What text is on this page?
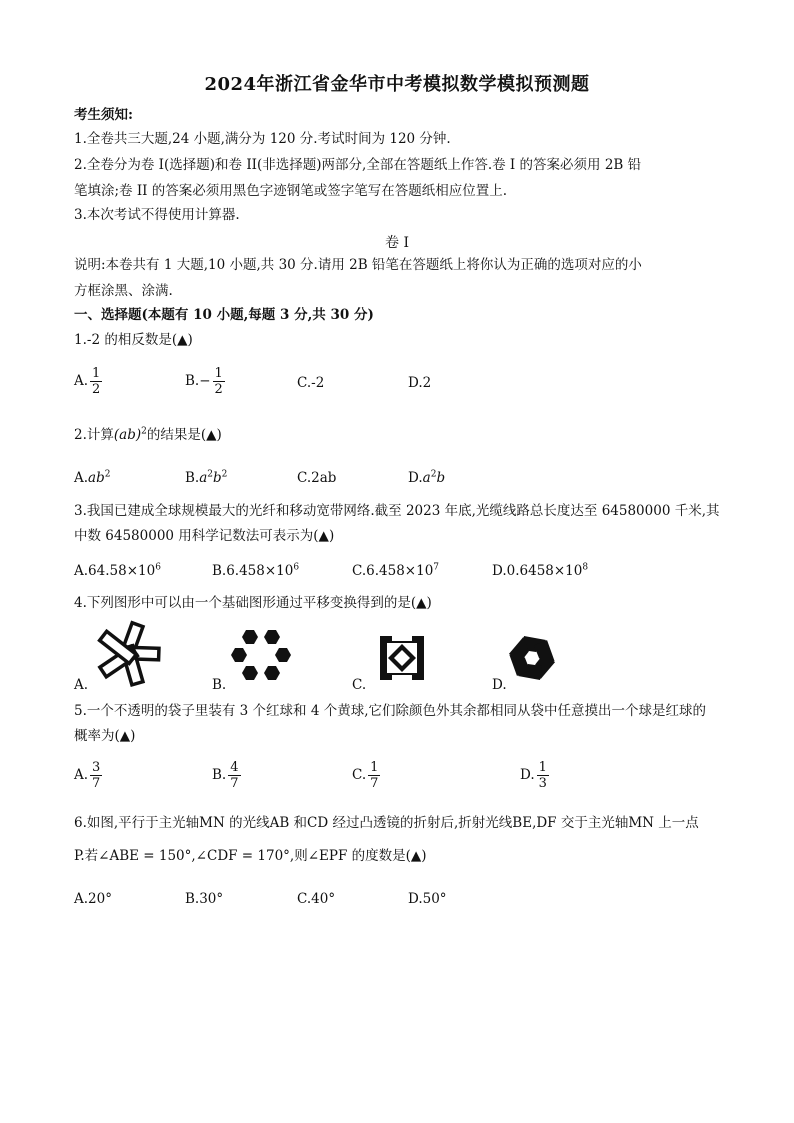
2024年浙江省金华市中考模拟数学模拟预测题
考生须知:
1.全卷共三大题,24 小题,满分为 120 分.考试时间为 120 分钟.
2.全卷分为卷 I(选择题)和卷 II(非选择题)两部分,全部在答题纸上作答.卷 I 的答案必须用 2B 铅
笔填涂;卷 II 的答案必须用黑色字迹钢笔或签字笔写在答题纸相应位置上.
3.本次考试不得使用计算器.
卷 I
说明:本卷共有 1 大题,10 小题,共 30 分.请用 2B 铅笔在答题纸上将你认为正确的选项对应的小
方框涂黑、涂满.
一、选择题(本题有 10 小题,每题 3 分,共 30 分)
1.-2 的相反数是(▲)
A. $\frac{1}{2}$	$B.- \frac{1}{2}$	C.-2	D.2
2.计算(ab)$^2$的结果是(▲)
$A.ab^2$	$B.a^2b^2$	C.2ab	$D.a^2b$
3.我国已建成全球规模最大的光纤和移动宽带网络.截至 2023 年底,光缆线路总长度达至 64580000 千米,其
中数 64580000 用科学记数法可表示为(▲)
$A.64.58\times 10^6$	$B.6.458\times 10^6$	$C.6.458\times 10^7$	$D.0.6458\times 10^8$
4.下列图形中可以由一个基础图形通过平移变换得到的是(▲)
A.	B.	C.	D.
5.一个不透明的袋子里装有 3 个红球和 4 个黄球,它们除颜色外其余都相同从袋中任意摸出一个球是红球的
概率为(▲)
A. $\frac{3}{7}$	B. $\frac{4}{7}$	C. $\frac{1}{7}$	D. $\frac{1}{3}$
6.如图,平行于主光轴MN 的光线AB 和CD 经过凸透镜的折射后,折射光线BE,DF 交于主光轴MN 上一点
P.若∠ABE = 150°,∠CDF = 170°,则∠EPF 的度数是(▲)
A.20°	B.30°	C.40°	D.50°
